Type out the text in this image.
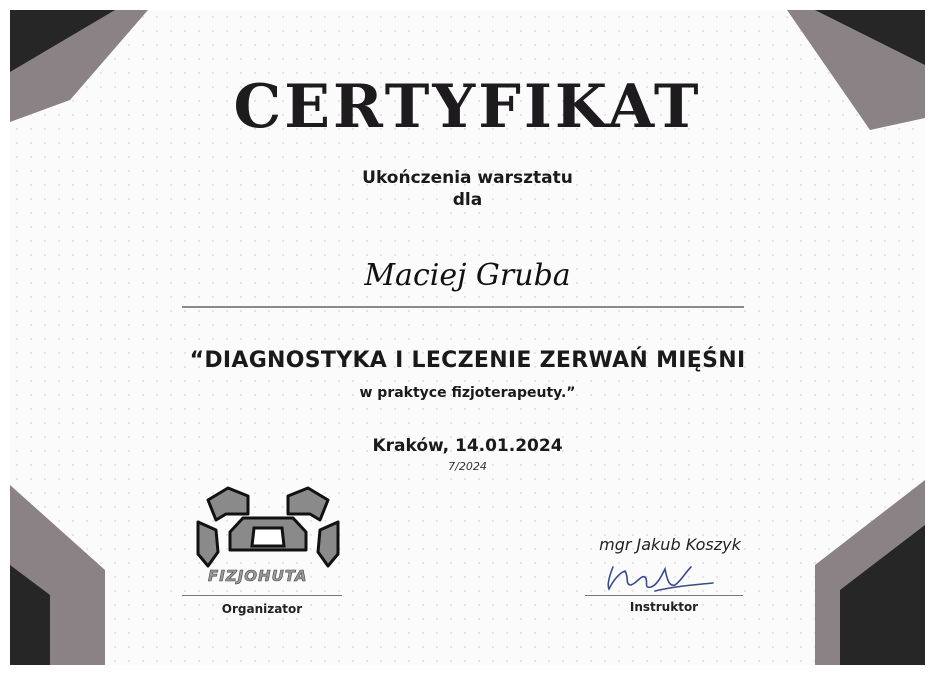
CERTYFIKAT
Ukończenia warsztatu
dla
Maciej Gruba
“DIAGNOSTYKA I LECZENIE ZERWAŃ MIĘŚNI
w praktyce fizjoterapeuty.”
Kraków, 14.01.2024
7/2024
FIZJOHUTA
Organizator
mgr Jakub Koszyk
Instruktor
